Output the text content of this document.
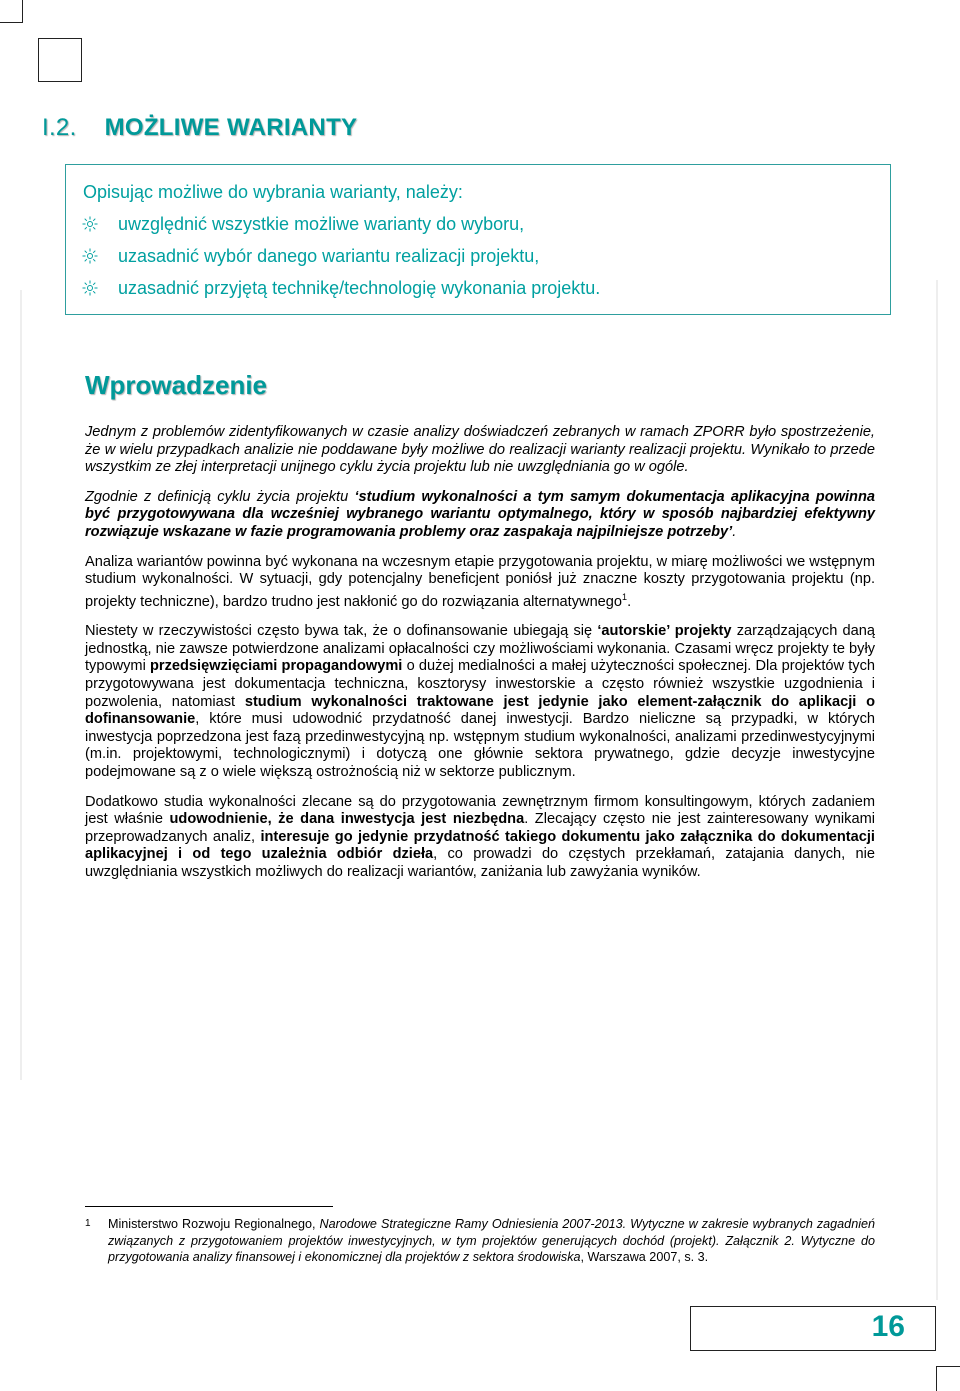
I.2. MOŻLIWE WARIANTY
Opisując możliwe do wybrania warianty, należy:
uwzględnić wszystkie możliwe warianty do wyboru,
uzasadnić wybór danego wariantu realizacji projektu,
uzasadnić przyjętą technikę/technologię wykonania projektu.
Wprowadzenie

Jednym z problemów zidentyfikowanych w czasie analizy doświadczeń zebranych w ramach ZPORR było spostrzeżenie, że w wielu przypadkach analizie nie poddawane były możliwe do realizacji warianty realizacji projektu. Wynikało to przede wszystkim ze złej interpretacji unijnego cyklu życia projektu lub nie uwzględniania go w ogóle.

Zgodnie z definicją cyklu życia projektu ‘studium wykonalności a tym samym dokumentacja aplikacyjna powinna być przygotowywana dla wcześniej wybranego wariantu optymalnego, który w sposób najbardziej efektywny rozwiązuje wskazane w fazie programowania problemy oraz zaspakaja najpilniejsze potrzeby’.

Analiza wariantów powinna być wykonana na wczesnym etapie przygotowania projektu, w miarę możliwości we wstępnym studium wykonalności. W sytuacji, gdy potencjalny beneficjent poniósł już znaczne koszty przygotowania projektu (np. projekty techniczne), bardzo trudno jest nakłonić go do rozwiązania alternatywnego$^1$.

Niestety w rzeczywistości często bywa tak, że o dofinansowanie ubiegają się ‘autorskie’ projekty zarządzających daną jednostką, nie zawsze potwierdzone analizami opłacalności czy możliwościami wykonania. Czasami wręcz projekty te były typowymi przedsięwzięciami propagandowymi o dużej medialności a małej użyteczności społecznej. Dla projektów tych przygotowywana jest dokumentacja techniczna, kosztorysy inwestorskie a często również wszystkie uzgodnienia i pozwolenia, natomiast studium wykonalności traktowane jest jedynie jako element-załącznik do aplikacji o dofinansowanie, które musi udowodnić przydatność danej inwestycji. Bardzo nieliczne są przypadki, w których inwestycja poprzedzona jest fazą przedinwestycyjną np. wstępnym studium wykonalności, analizami przedinwestycyjnymi (m.in. projektowymi, technologicznymi) i dotyczą one głównie sektora prywatnego, gdzie decyzje inwestycyjne podejmowane są z o wiele większą ostrożnością niż w sektorze publicznym.

Dodatkowo studia wykonalności zlecane są do przygotowania zewnętrznym firmom konsultingowym, których zadaniem jest właśnie udowodnienie, że dana inwestycja jest niezbędna. Zlecający często nie jest zainteresowany wynikami przeprowadzanych analiz, interesuje go jedynie przydatność takiego dokumentu jako załącznika do dokumentacji aplikacyjnej i od tego uzależnia odbiór dzieła, co prowadzi do częstych przekłamań, zatajania danych, nie uwzględniania wszystkich możliwych do realizacji wariantów, zaniżania lub zawyżania wyników.

1 Ministerstwo Rozwoju Regionalnego, Narodowe Strategiczne Ramy Odniesienia 2007-2013. Wytyczne w zakresie wybranych zagadnień związanych z przygotowaniem projektów inwestycyjnych, w tym projektów generujących dochód (projekt). Załącznik 2. Wytyczne do przygotowania analizy finansowej i ekonomicznej dla projektów z sektora środowiska, Warszawa 2007, s. 3.
16
